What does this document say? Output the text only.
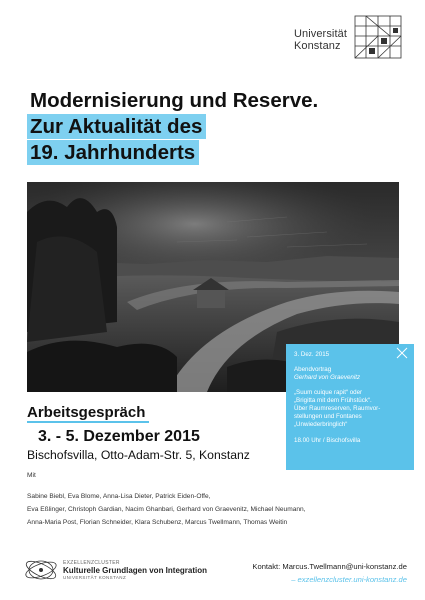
Universität
Konstanz
Modernisierung und Reserve.
Zur Aktualität des
19. Jahrhunderts
3. Dez. 2015
Abendvortrag
Gerhard von Graevenitz
„Suum cuique rapit“ oder
„Brigitta mit dem Frühstück“.
Über Raumreserven, Raumvor-
stellungen und Fontanes
„Unwiederbringlich“
18.00 Uhr / Bischofsvilla
Arbeitsgespräch
3. - 5. Dezember 2015
Bischofsvilla, Otto-Adam-Str. 5, Konstanz
Mit
Sabine Biebl, Eva Blome, Anna-Lisa Dieter, Patrick Eiden-Offe,
Eva Eßlinger, Christoph Gardian, Nacim Ghanbari, Gerhard von Graevenitz, Michael Neumann,
Anna-Maria Post, Florian Schneider, Klara Schubenz, Marcus Twellmann, Thomas Weitin
EXZELLENZCLUSTER
Kulturelle Grundlagen von Integration
UNIVERSITÄT KONSTANZ
Kontakt: Marcus.Twellmann@uni-konstanz.de
– exzellenzcluster.uni-konstanz.de
